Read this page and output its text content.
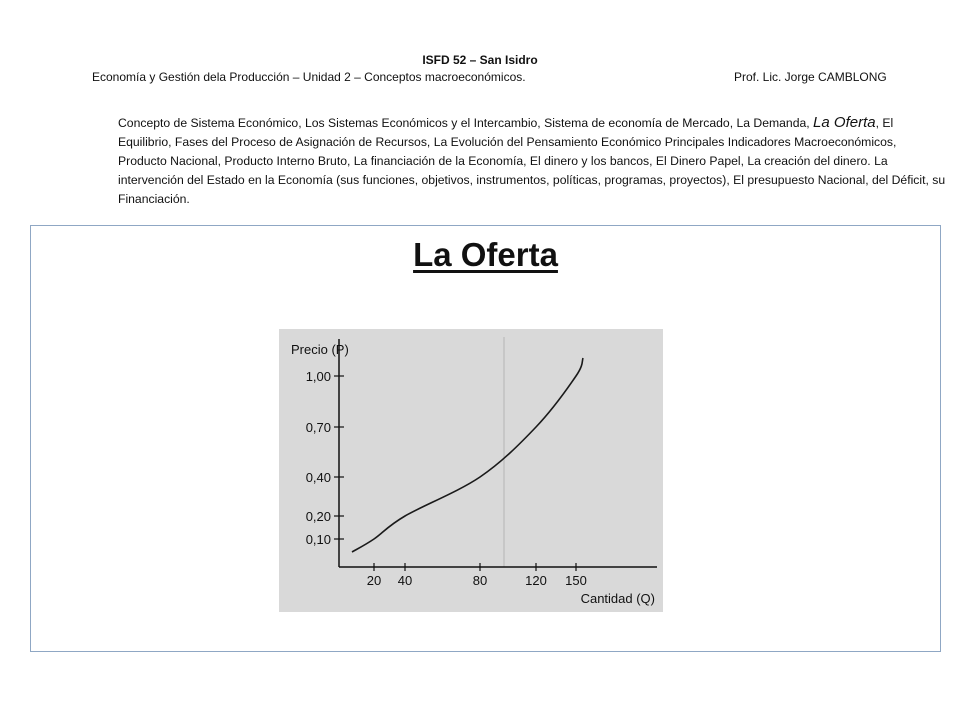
ISFD 52 – San Isidro
Economía y Gestión dela Producción – Unidad 2 – Conceptos macroeconómicos.	Prof. Lic. Jorge CAMBLONG
Concepto de Sistema Económico, Los Sistemas Económicos y el Intercambio, Sistema de economía de Mercado, La Demanda, La Oferta, El Equilibrio, Fases del Proceso de Asignación de Recursos, La Evolución del Pensamiento Económico Principales Indicadores Macroeconómicos, Producto Nacional, Producto Interno Bruto, La financiación de la Economía, El dinero y los bancos, El Dinero Papel, La creación del dinero. La intervención del Estado en la Economía (sus funciones, objetivos, instrumentos, políticas, programas, proyectos), El presupuesto Nacional, del Déficit, su Financiación.
La Oferta
0,10
0,20
0,40
0,70
1,00
20 40	80	120 150
Precio (P)
Cantidad (Q)
